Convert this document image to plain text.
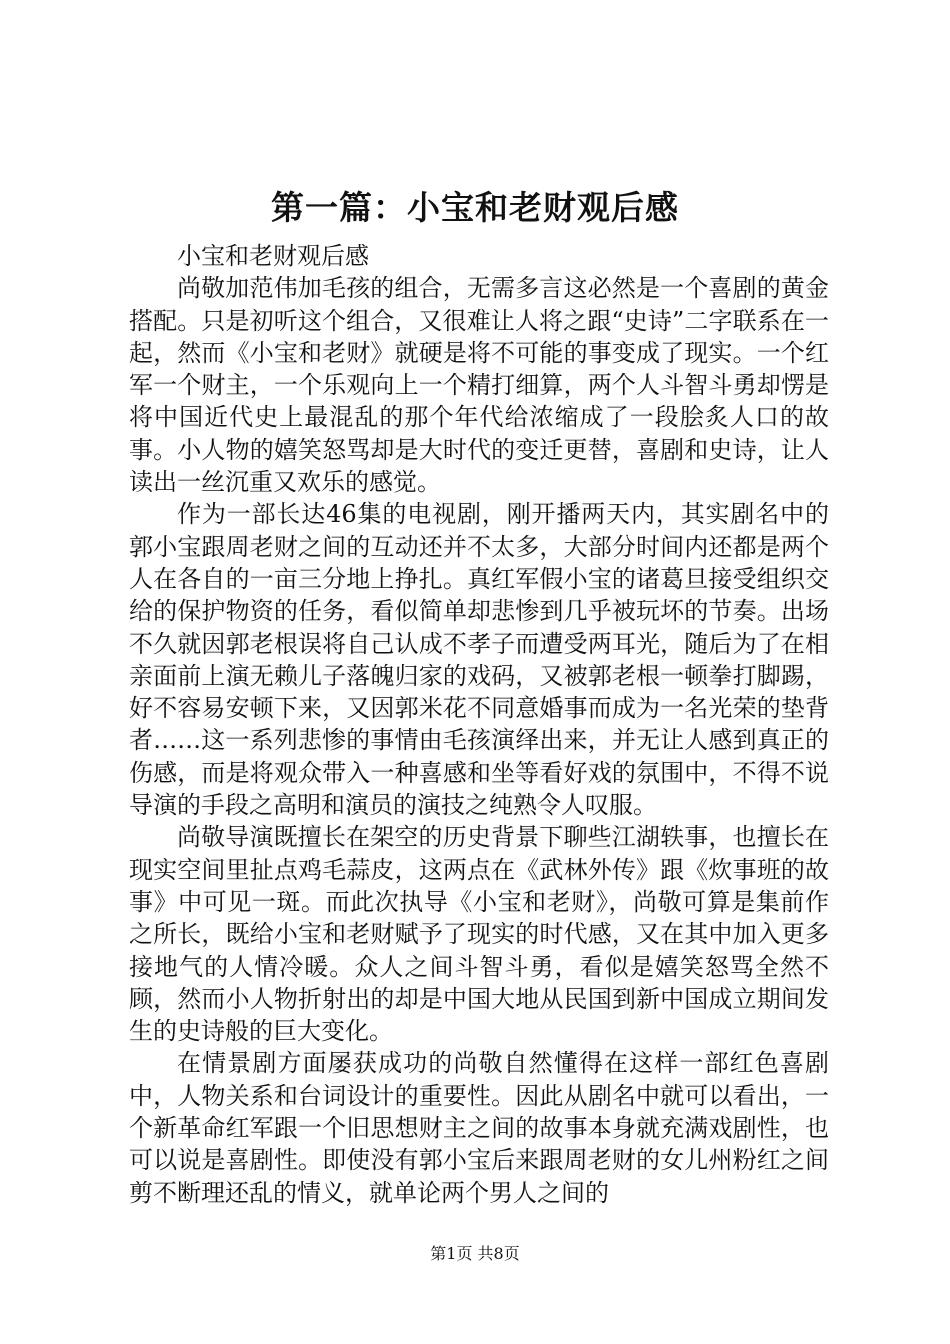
第一篇：小宝和老财观后感

小宝和老财观后感

尚敬加范伟加毛孩的组合，无需多言这必然是一个喜剧的黄金搭配。只是初听这个组合，又很难让人将之跟“史诗”二字联系在一起，然而《小宝和老财》就硬是将不可能的事变成了现实。一个红军一个财主，一个乐观向上一个精打细算，两个人斗智斗勇却愣是将中国近代史上最混乱的那个年代给浓缩成了一段脍炙人口的故事。小人物的嬉笑怒骂却是大时代的变迁更替，喜剧和史诗，让人读出一丝沉重又欢乐的感觉。

作为一部长达46集的电视剧，刚开播两天内，其实剧名中的郭小宝跟周老财之间的互动还并不太多，大部分时间内还都是两个人在各自的一亩三分地上挣扎。真红军假小宝的诸葛旦接受组织交给的保护物资的任务，看似简单却悲惨到几乎被玩坏的节奏。出场不久就因郭老根误将自己认成不孝子而遭受两耳光，随后为了在相亲面前上演无赖儿子落魄归家的戏码，又被郭老根一顿拳打脚踢，好不容易安顿下来，又因郭米花不同意婚事而成为一名光荣的垫背者……这一系列悲惨的事情由毛孩演绎出来，并无让人感到真正的伤感，而是将观众带入一种喜感和坐等看好戏的氛围中，不得不说导演的手段之高明和演员的演技之纯熟令人叹服。

尚敬导演既擅长在架空的历史背景下聊些江湖轶事，也擅长在现实空间里扯点鸡毛蒜皮，这两点在《武林外传》跟《炊事班的故事》中可见一斑。而此次执导《小宝和老财》，尚敬可算是集前作之所长，既给小宝和老财赋予了现实的时代感，又在其中加入更多接地气的人情冷暖。众人之间斗智斗勇，看似是嬉笑怒骂全然不顾，然而小人物折射出的却是中国大地从民国到新中国成立期间发生的史诗般的巨大变化。

在情景剧方面屡获成功的尚敬自然懂得在这样一部红色喜剧中，人物关系和台词设计的重要性。因此从剧名中就可以看出，一个新革命红军跟一个旧思想财主之间的故事本身就充满戏剧性，也可以说是喜剧性。即使没有郭小宝后来跟周老财的女儿州粉红之间剪不断理还乱的情义，就单论两个男人之间的

第1页 共8页
